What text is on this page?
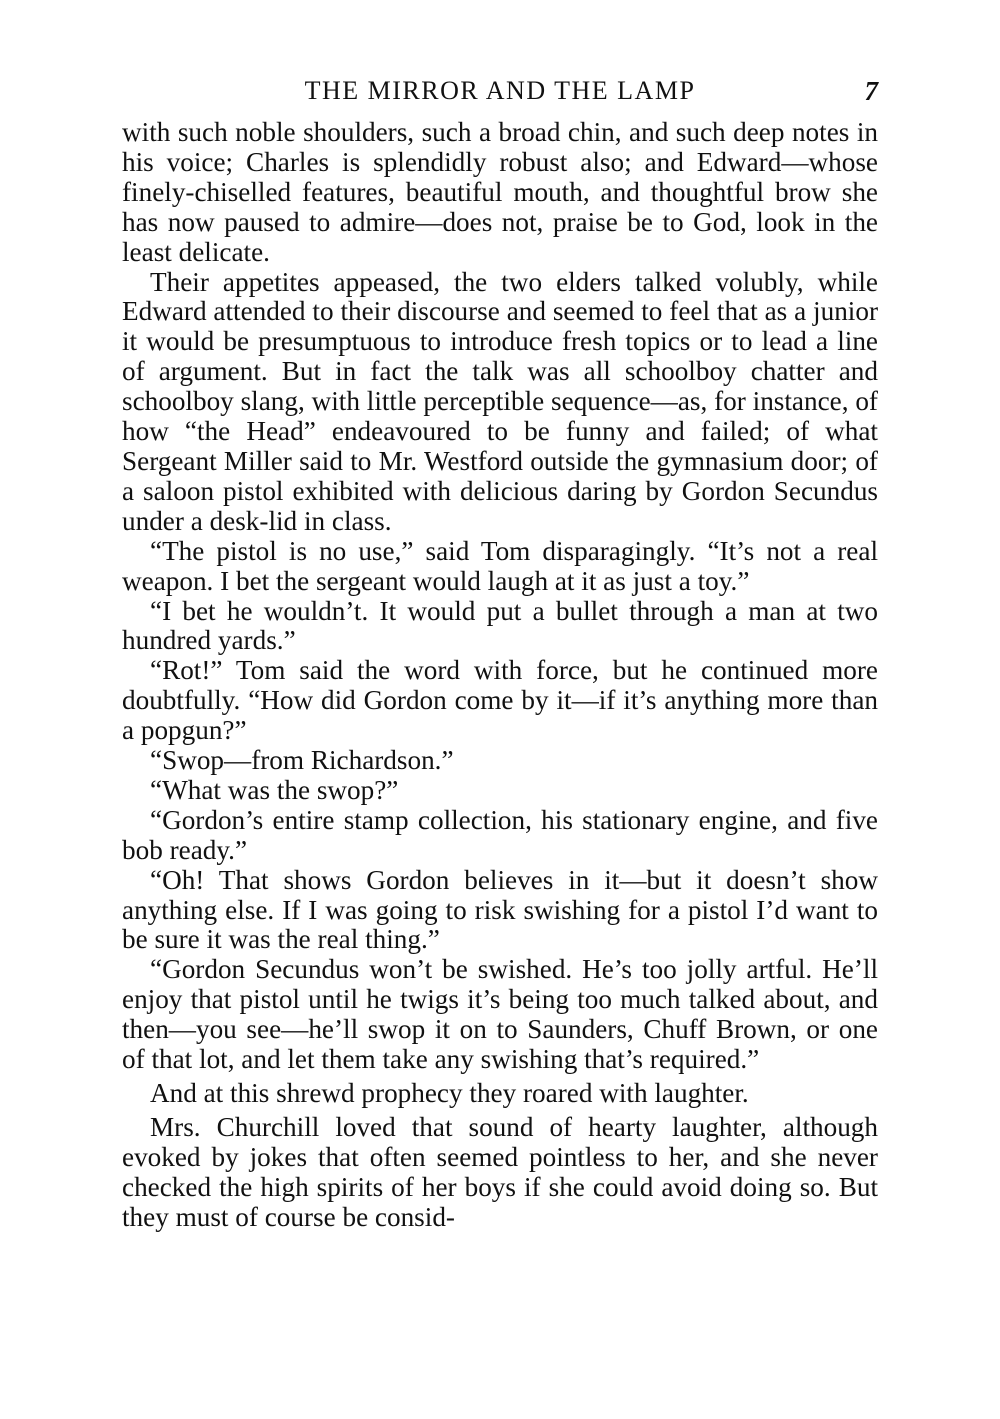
THE MIRROR AND THE LAMP	7

with such noble shoulders, such a broad chin, and such deep notes in his voice; Charles is splendidly robust also; and Edward—whose finely-chiselled features, beautiful mouth, and thoughtful brow she has now paused to admire—does not, praise be to God, look in the least delicate.

Their appetites appeased, the two elders talked volubly, while Edward attended to their discourse and seemed to feel that as a junior it would be presumptuous to introduce fresh topics or to lead a line of argument. But in fact the talk was all schoolboy chatter and schoolboy slang, with little perceptible sequence—as, for instance, of how “the Head” endeavoured to be funny and failed; of what Sergeant Miller said to Mr. Westford outside the gymnasium door; of a saloon pistol exhibited with delicious daring by Gordon Secundus under a desk-lid in class.

“The pistol is no use,” said Tom disparagingly. “It’s not a real weapon. I bet the sergeant would laugh at it as just a toy.”

“I bet he wouldn’t. It would put a bullet through a man at two hundred yards.”

“Rot!” Tom said the word with force, but he continued more doubtfully. “How did Gordon come by it—if it’s anything more than a popgun?”

“Swop—from Richardson.”

“What was the swop?”

“Gordon’s entire stamp collection, his stationary engine, and five bob ready.”

“Oh! That shows Gordon believes in it—but it doesn’t show anything else. If I was going to risk swishing for a pistol I’d want to be sure it was the real thing.”

“Gordon Secundus won’t be swished. He’s too jolly artful. He’ll enjoy that pistol until he twigs it’s being too much talked about, and then—you see—he’ll swop it on to Saunders, Chuff Brown, or one of that lot, and let them take any swishing that’s required.”

And at this shrewd prophecy they roared with laughter.

Mrs. Churchill loved that sound of hearty laughter, although evoked by jokes that often seemed pointless to her, and she never checked the high spirits of her boys if she could avoid doing so. But they must of course be consid-
